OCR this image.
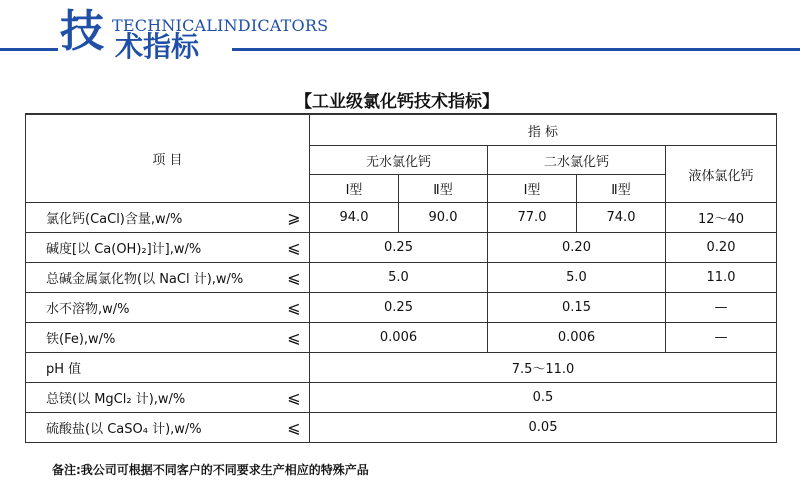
技 TECHNICALINDICATORS
术指标
【工业级氯化钙技术指标】
项 目		指 标				
		无水氯化钙		二水氯化钙		液体氯化钙
		Ⅰ型	Ⅱ型	Ⅰ型	Ⅱ型	
氯化钙(CaCl)含量,w/%	⩾	94.0	90.0	77.0	74.0	12～40
碱度[以 Ca(OH)₂]计],w/%	⩽	0.25		0.20		0.20
总碱金属氯化物(以 NaCl 计),w/%	⩽	5.0		5.0		11.0
水不溶物,w/%	⩽	0.25		0.15		—
铁(Fe),w/%	⩽	0.006		0.006		—
pH 值		7.5～11.0				
总镁(以 MgCl₂ 计),w/%	⩽	0.5				
硫酸盐(以 CaSO₄ 计),w/%	⩽	0.05				
备注:我公司可根据不同客户的不同要求生产相应的特殊产品
